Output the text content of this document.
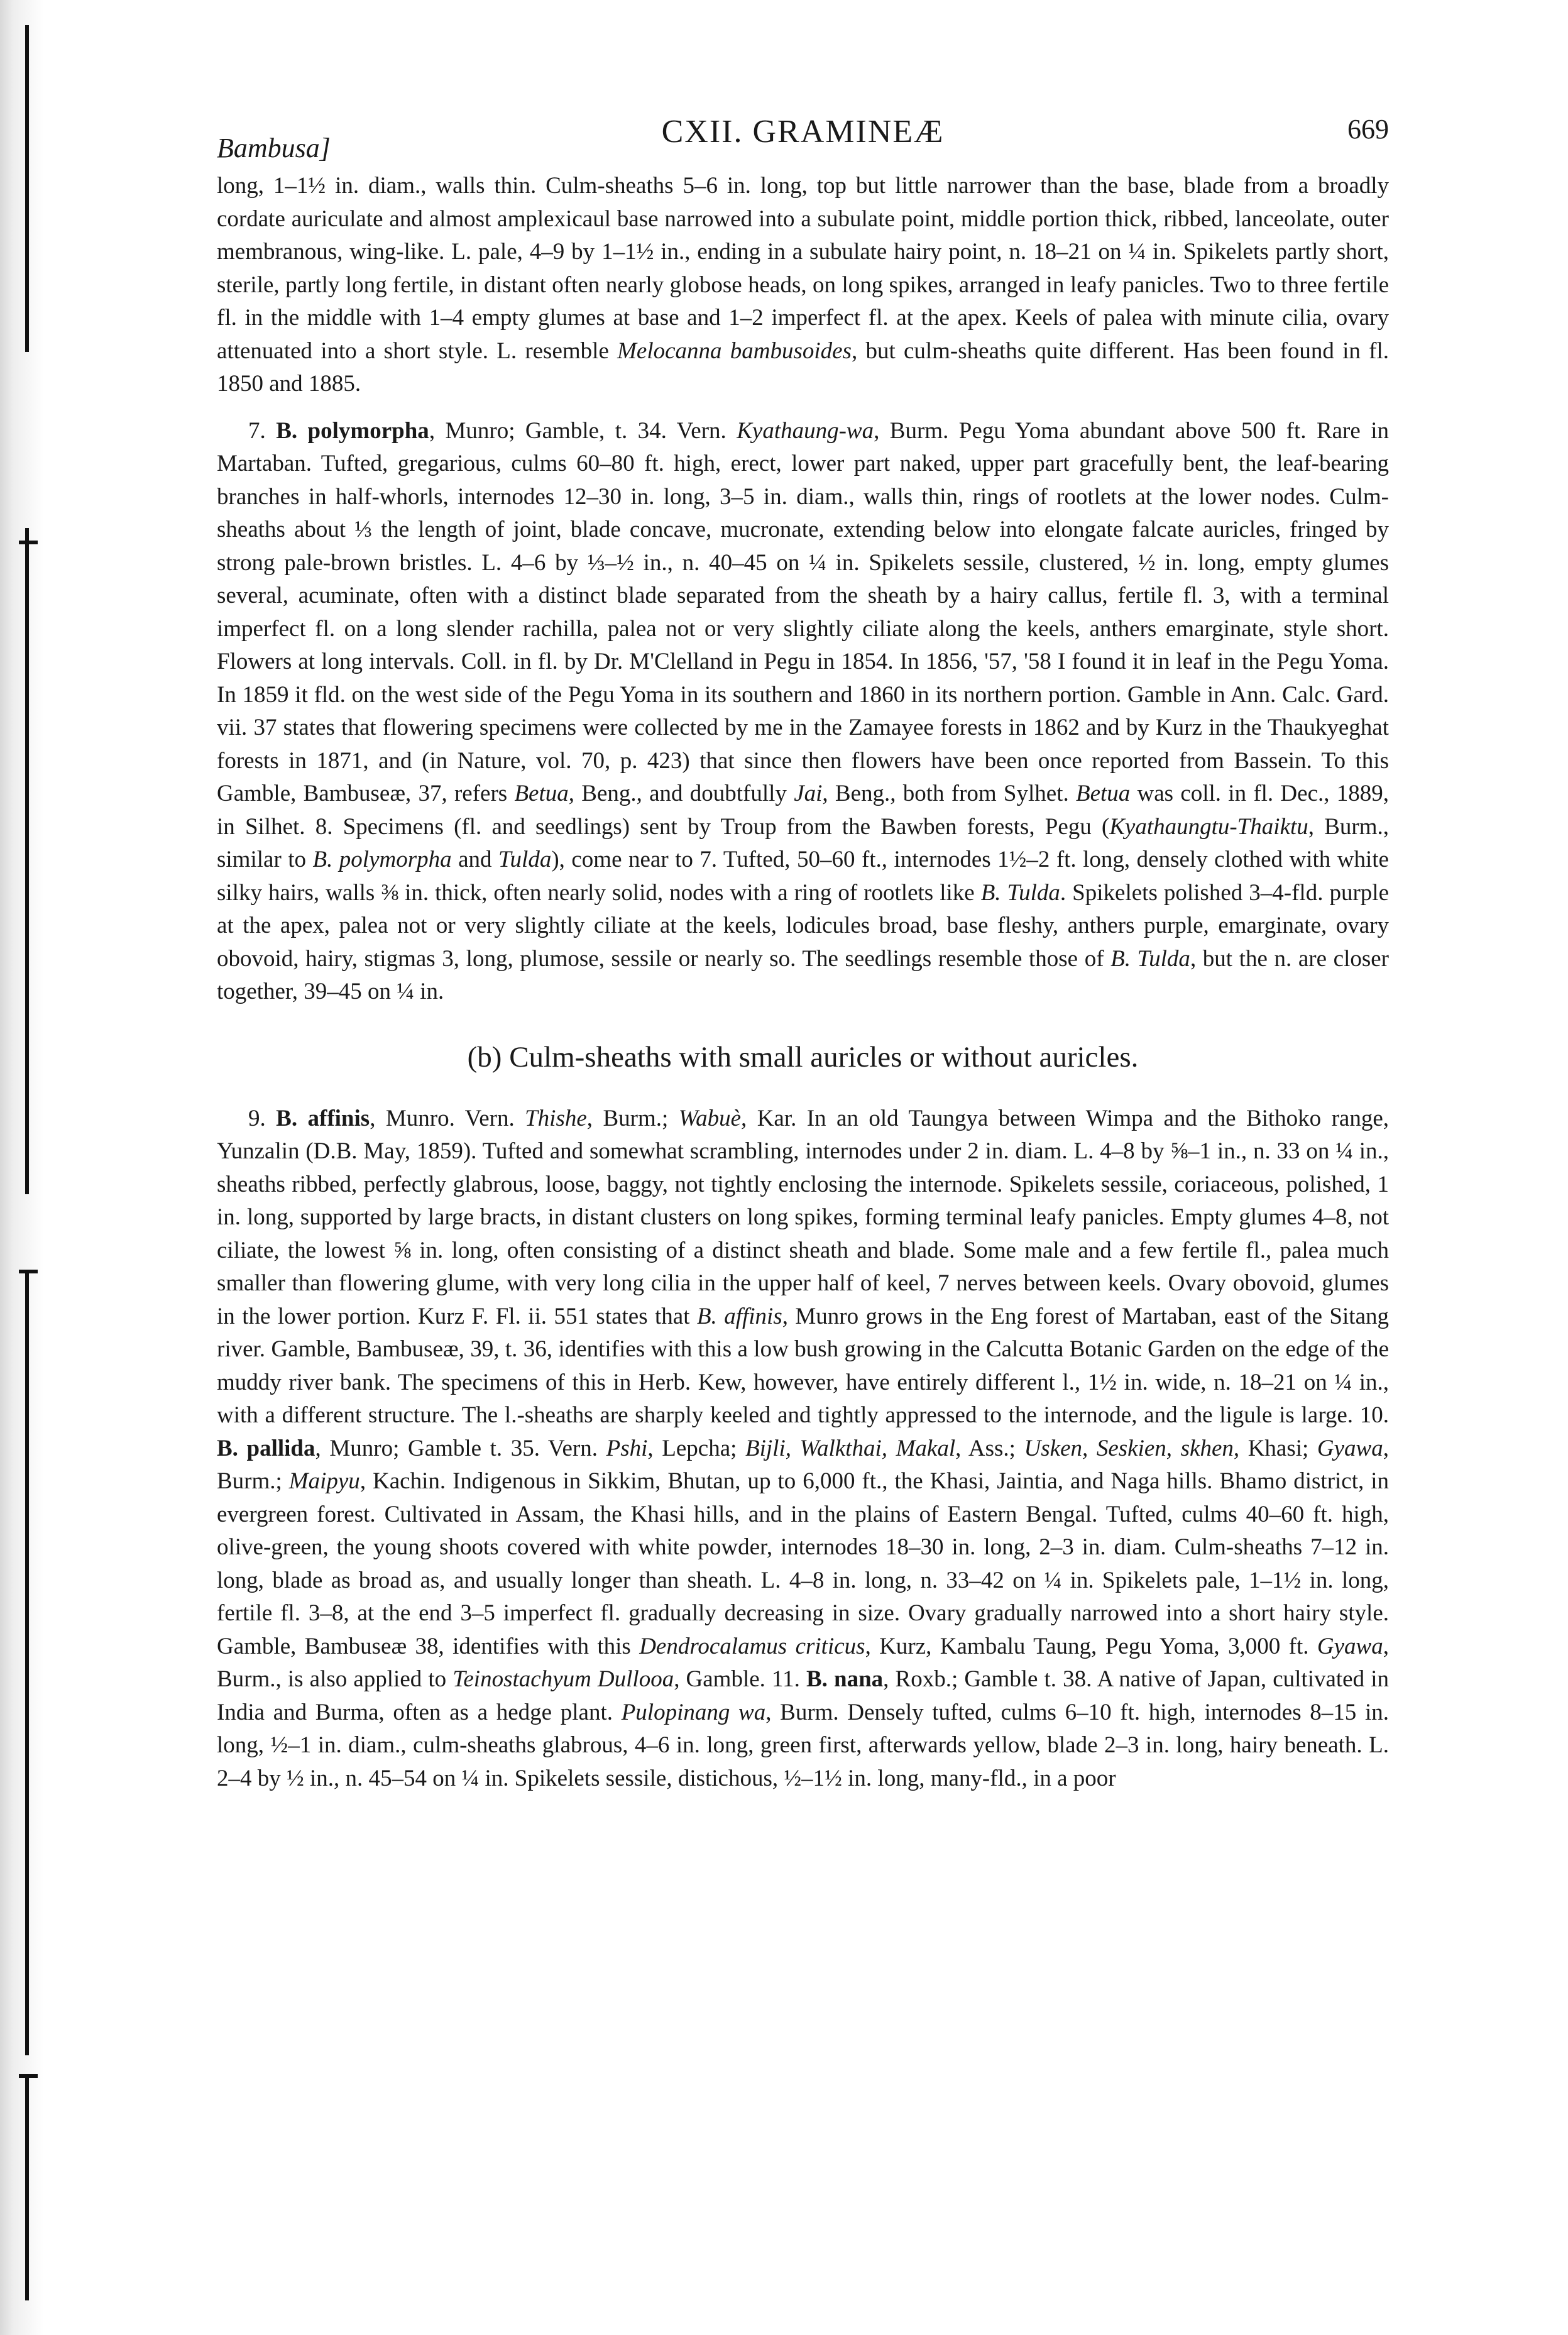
Bambusa]	CXII. GRAMINEÆ	669

long, 1–1½ in. diam., walls thin. Culm-sheaths 5–6 in. long, top but little narrower than the base, blade from a broadly cordate auriculate and almost amplexicaul base narrowed into a subulate point, middle portion thick, ribbed, lanceolate, outer membranous, wing-like. L. pale, 4–9 by 1–1½ in., ending in a subulate hairy point, n. 18–21 on ¼ in. Spikelets partly short, sterile, partly long fertile, in distant often nearly globose heads, on long spikes, arranged in leafy panicles. Two to three fertile fl. in the middle with 1–4 empty glumes at base and 1–2 imperfect fl. at the apex. Keels of palea with minute cilia, ovary attenuated into a short style. L. resemble Melocanna bambusoides, but culm-sheaths quite different. Has been found in fl. 1850 and 1885.

7. B. polymorpha, Munro; Gamble, t. 34. Vern. Kyathaung-wa, Burm. Pegu Yoma abundant above 500 ft. Rare in Martaban. Tufted, gregarious, culms 60–80 ft. high, erect, lower part naked, upper part gracefully bent, the leaf-bearing branches in half-whorls, internodes 12–30 in. long, 3–5 in. diam., walls thin, rings of rootlets at the lower nodes. Culm-sheaths about ⅓ the length of joint, blade concave, mucronate, extending below into elongate falcate auricles, fringed by strong pale-brown bristles. L. 4–6 by ⅓–½ in., n. 40–45 on ¼ in. Spikelets sessile, clustered, ½ in. long, empty glumes several, acuminate, often with a distinct blade separated from the sheath by a hairy callus, fertile fl. 3, with a terminal imperfect fl. on a long slender rachilla, palea not or very slightly ciliate along the keels, anthers emarginate, style short. Flowers at long intervals. Coll. in fl. by Dr. M'Clelland in Pegu in 1854. In 1856, '57, '58 I found it in leaf in the Pegu Yoma. In 1859 it fld. on the west side of the Pegu Yoma in its southern and 1860 in its northern portion. Gamble in Ann. Calc. Gard. vii. 37 states that flowering specimens were collected by me in the Zamayee forests in 1862 and by Kurz in the Thaukyeghat forests in 1871, and (in Nature, vol. 70, p. 423) that since then flowers have been once reported from Bassein. To this Gamble, Bambuseæ, 37, refers Betua, Beng., and doubtfully Jai, Beng., both from Sylhet. Betua was coll. in fl. Dec., 1889, in Silhet. 8. Specimens (fl. and seedlings) sent by Troup from the Bawben forests, Pegu (Kyathaungtu-Thaiktu, Burm., similar to B. polymorpha and Tulda), come near to 7. Tufted, 50–60 ft., internodes 1½–2 ft. long, densely clothed with white silky hairs, walls ⅜ in. thick, often nearly solid, nodes with a ring of rootlets like B. Tulda. Spikelets polished 3–4-fld. purple at the apex, palea not or very slightly ciliate at the keels, lodicules broad, base fleshy, anthers purple, emarginate, ovary obovoid, hairy, stigmas 3, long, plumose, sessile or nearly so. The seedlings resemble those of B. Tulda, but the n. are closer together, 39–45 on ¼ in.

(b) Culm-sheaths with small auricles or without auricles.

9. B. affinis, Munro. Vern. Thishe, Burm.; Wabuè, Kar. In an old Taungya between Wimpa and the Bithoko range, Yunzalin (D.B. May, 1859). Tufted and somewhat scrambling, internodes under 2 in. diam. L. 4–8 by ⅝–1 in., n. 33 on ¼ in., sheaths ribbed, perfectly glabrous, loose, baggy, not tightly enclosing the internode. Spikelets sessile, coriaceous, polished, 1 in. long, supported by large bracts, in distant clusters on long spikes, forming terminal leafy panicles. Empty glumes 4–8, not ciliate, the lowest ⅝ in. long, often consisting of a distinct sheath and blade. Some male and a few fertile fl., palea much smaller than flowering glume, with very long cilia in the upper half of keel, 7 nerves between keels. Ovary obovoid, glumes in the lower portion. Kurz F. Fl. ii. 551 states that B. affinis, Munro grows in the Eng forest of Martaban, east of the Sitang river. Gamble, Bambuseæ, 39, t. 36, identifies with this a low bush growing in the Calcutta Botanic Garden on the edge of the muddy river bank. The specimens of this in Herb. Kew, however, have entirely different l., 1½ in. wide, n. 18–21 on ¼ in., with a different structure. The l.-sheaths are sharply keeled and tightly appressed to the internode, and the ligule is large. 10. B. pallida, Munro; Gamble t. 35. Vern. Pshi, Lepcha; Bijli, Walkthai, Makal, Ass.; Usken, Seskien, skhen, Khasi; Gyawa, Burm.; Maipyu, Kachin. Indigenous in Sikkim, Bhutan, up to 6,000 ft., the Khasi, Jaintia, and Naga hills. Bhamo district, in evergreen forest. Cultivated in Assam, the Khasi hills, and in the plains of Eastern Bengal. Tufted, culms 40–60 ft. high, olive-green, the young shoots covered with white powder, internodes 18–30 in. long, 2–3 in. diam. Culm-sheaths 7–12 in. long, blade as broad as, and usually longer than sheath. L. 4–8 in. long, n. 33–42 on ¼ in. Spikelets pale, 1–1½ in. long, fertile fl. 3–8, at the end 3–5 imperfect fl. gradually decreasing in size. Ovary gradually narrowed into a short hairy style. Gamble, Bambuseæ 38, identifies with this Dendrocalamus criticus, Kurz, Kambalu Taung, Pegu Yoma, 3,000 ft. Gyawa, Burm., is also applied to Teinostachyum Dullooa, Gamble. 11. B. nana, Roxb.; Gamble t. 38. A native of Japan, cultivated in India and Burma, often as a hedge plant. Pulopinang wa, Burm. Densely tufted, culms 6–10 ft. high, internodes 8–15 in. long, ½–1 in. diam., culm-sheaths glabrous, 4–6 in. long, green first, afterwards yellow, blade 2–3 in. long, hairy beneath. L. 2–4 by ½ in., n. 45–54 on ¼ in. Spikelets sessile, distichous, ½–1½ in. long, many-fld., in a poor
